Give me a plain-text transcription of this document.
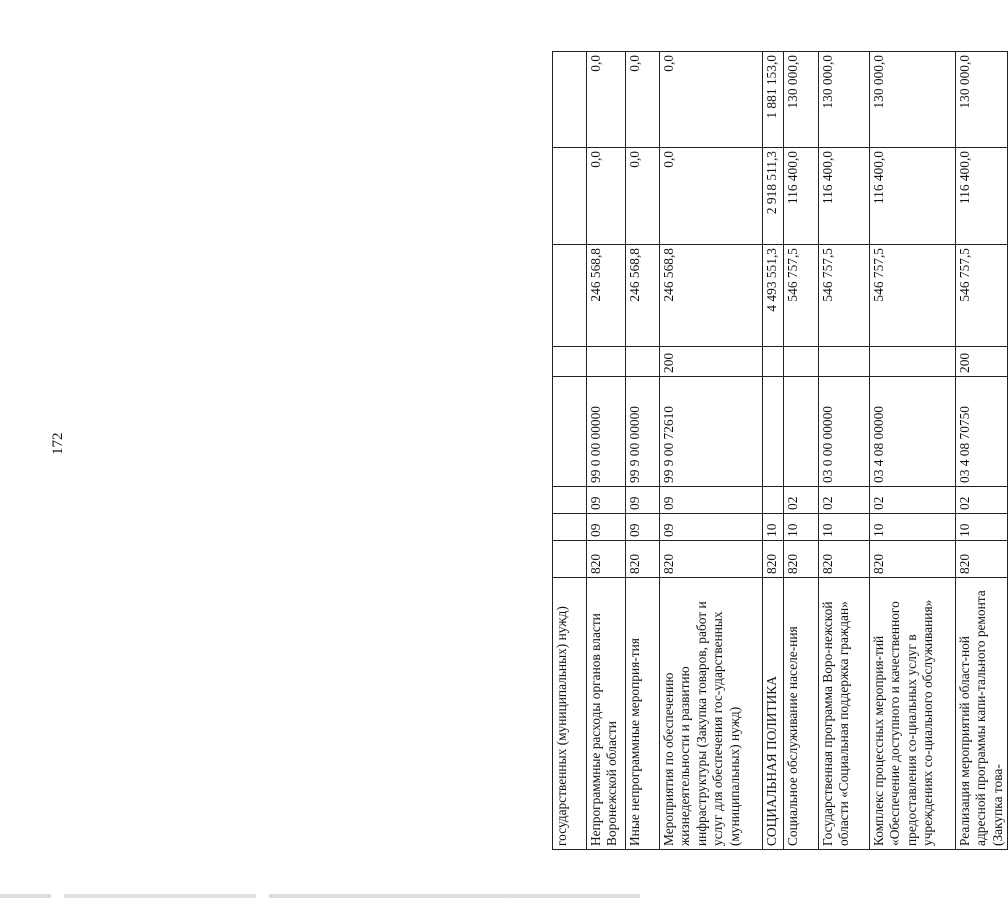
172
государственных (муниципальных) нужд)								
Непрограммные расходы органов власти Воронежской области	820	09	09	99 0 00 00000		246 568,8	0,0	0,0
Иные непрограммные мероприя-тия	820	09	09	99 9 00 00000		246 568,8	0,0	0,0
Мероприятия по обеспечению жизнедеятельности и развитию инфраструктуры (Закупка товаров, работ и услуг для обеспечения гос-ударственных (муниципальных) нужд)	820	09	09	99 9 00 72610	200	246 568,8	0,0	0,0
СОЦИАЛЬНАЯ ПОЛИТИКА	820	10				4 493 551,3	2 918 511,3	1 881 153,0
Социальное обслуживание населе-ния	820	10	02			546 757,5	116 400,0	130 000,0
Государственная программа Воро-нежской области «Социальная поддержка граждан»	820	10	02	03 0 00 00000		546 757,5	116 400,0	130 000,0
Комплекс процессных мероприя-тий «Обеспечение доступного и качественного предоставления со-циальных услуг в учреждениях со-циального обслуживания»	820	10	02	03 4 08 00000		546 757,5	116 400,0	130 000,0
Реализация мероприятий област-ной адресной программы капи-тального ремонта (Закупка това-	820	10	02	03 4 08 70750	200	546 757,5	116 400,0	130 000,0
